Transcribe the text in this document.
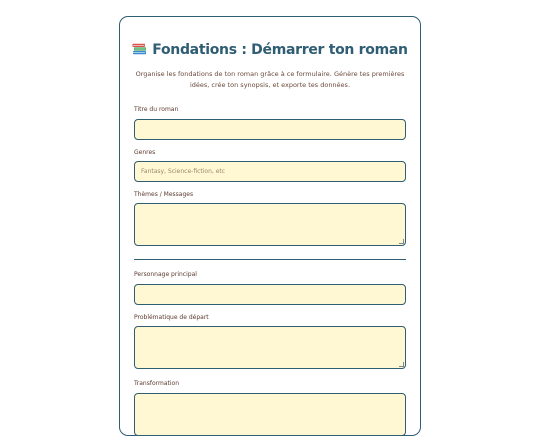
Fondations : Démarrer ton roman
Organise les fondations de ton roman grâce à ce formulaire. Génère tes premières idées, crée ton synopsis, et exporte tes données.
Titre du roman
Genres
Fantasy, Science-fiction, etc
Thèmes / Messages
Personnage principal
Problématique de départ
Transformation
